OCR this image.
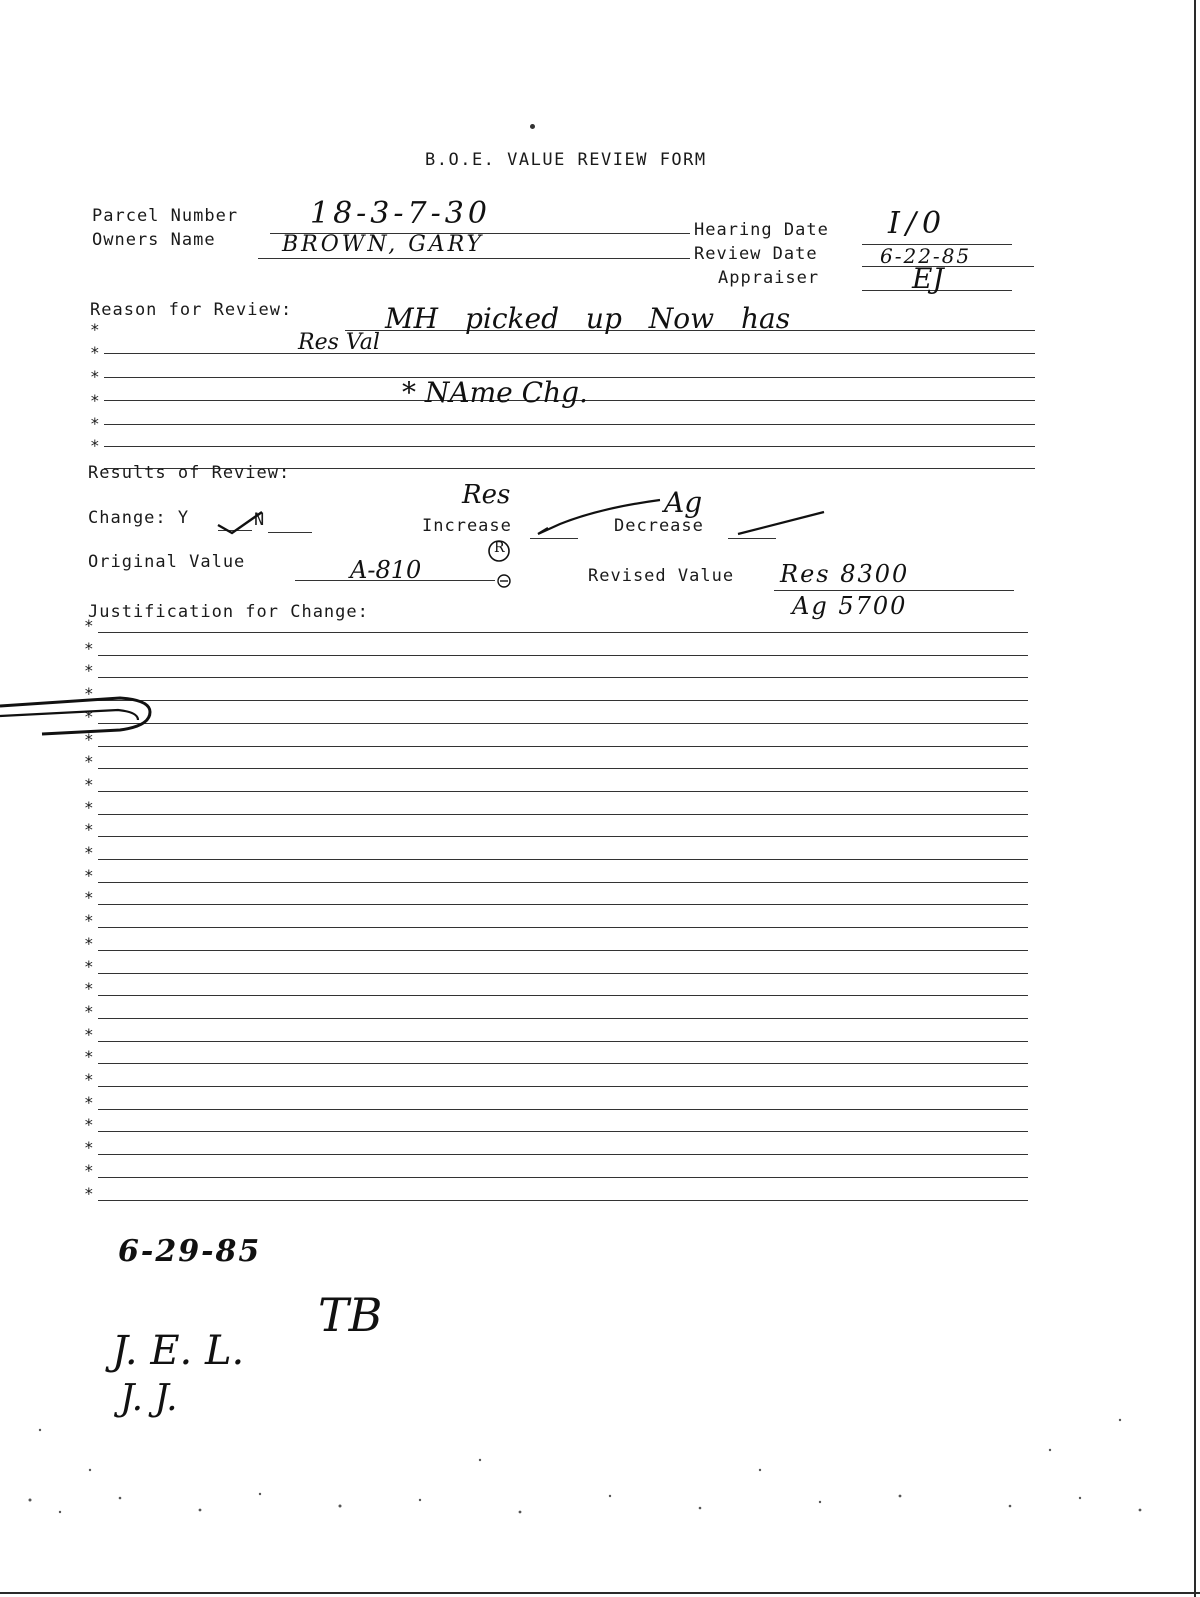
B.O.E. VALUE REVIEW FORM
Parcel Number 18-3-7-30
Owners Name	BROWN, GARY
Hearing Date I/0
Review Date	6-22-85
Appraiser	EJ
Reason for Review:	MH picked up Now has
*
Res Val
*
*	* NAme Chg.
*
*
*
Results of Review:
Change: Y	N	Increase
Res
Decrease
Ag
Original Value	A-810
R
Revised Value Res 8300
Ag 5700
Justification for Change:
*
*
*
*
*
*
*
*
*
*
*
*
*
*
*
*
*
*
*
*
*
*
*
*
*
*
6-29-85
J. E. L.
J. J.
TB
